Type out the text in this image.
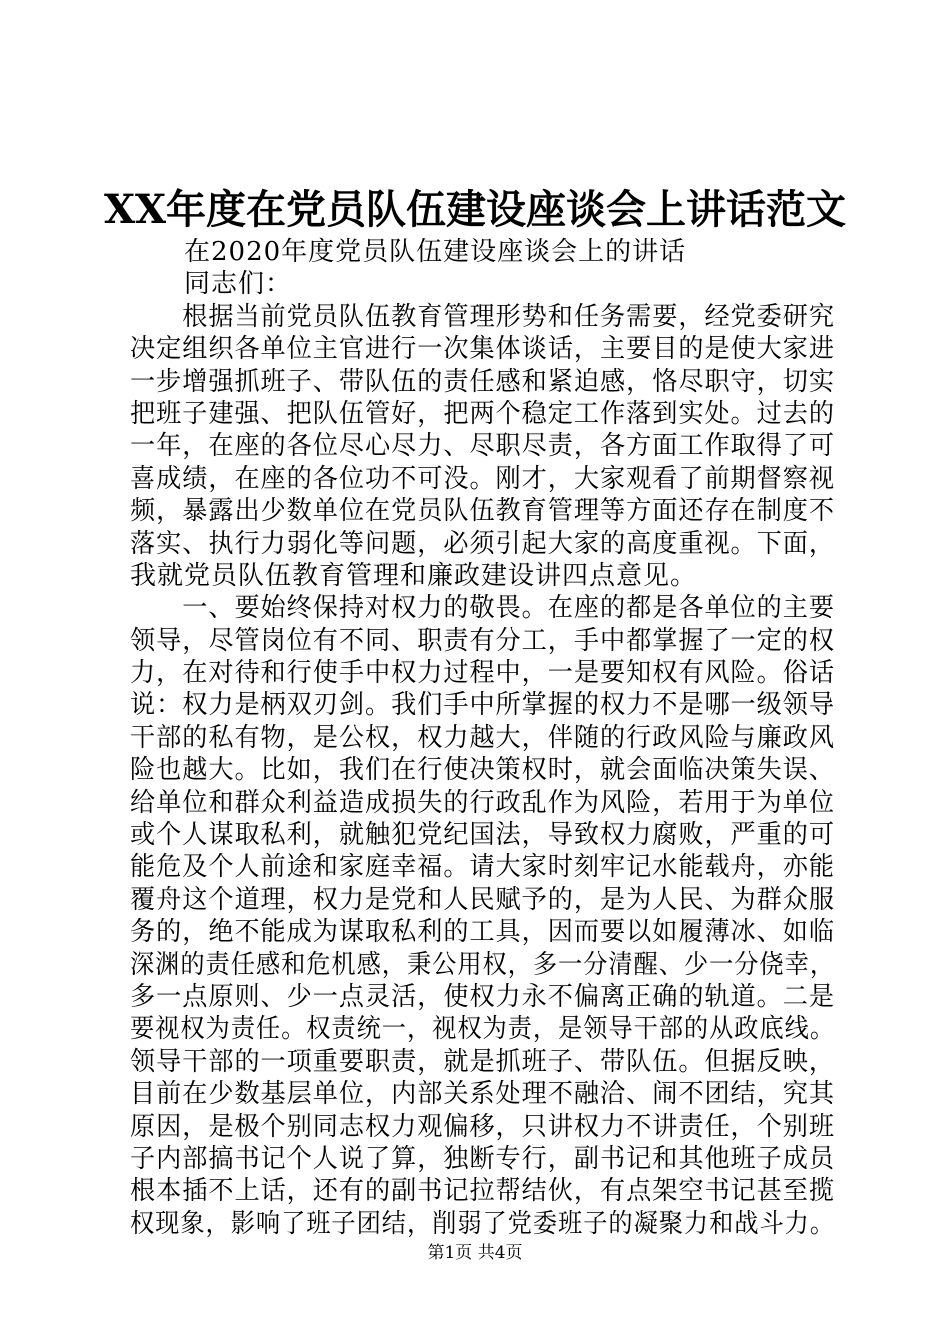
XX年度在党员队伍建设座谈会上讲话范文
　　在2020年度党员队伍建设座谈会上的讲话
　　同志们：
　　根据当前党员队伍教育管理形势和任务需要，经党委研究
决定组织各单位主官进行一次集体谈话，主要目的是使大家进
一步增强抓班子、带队伍的责任感和紧迫感，恪尽职守，切实
把班子建强、把队伍管好，把两个稳定工作落到实处。过去的
一年，在座的各位尽心尽力、尽职尽责，各方面工作取得了可
喜成绩，在座的各位功不可没。刚才，大家观看了前期督察视
频，暴露出少数单位在党员队伍教育管理等方面还存在制度不
落实、执行力弱化等问题，必须引起大家的高度重视。下面，
我就党员队伍教育管理和廉政建设讲四点意见。
　　一、要始终保持对权力的敬畏。在座的都是各单位的主要
领导，尽管岗位有不同、职责有分工，手中都掌握了一定的权
力，在对待和行使手中权力过程中，一是要知权有风险。俗话
说：权力是柄双刃剑。我们手中所掌握的权力不是哪一级领导
干部的私有物，是公权，权力越大，伴随的行政风险与廉政风
险也越大。比如，我们在行使决策权时，就会面临决策失误、
给单位和群众利益造成损失的行政乱作为风险，若用于为单位
或个人谋取私利，就触犯党纪国法，导致权力腐败，严重的可
能危及个人前途和家庭幸福。请大家时刻牢记水能载舟，亦能
覆舟这个道理，权力是党和人民赋予的，是为人民、为群众服
务的，绝不能成为谋取私利的工具，因而要以如履薄冰、如临
深渊的责任感和危机感，秉公用权，多一分清醒、少一分侥幸，
多一点原则、少一点灵活，使权力永不偏离正确的轨道。二是
要视权为责任。权责统一，视权为责，是领导干部的从政底线。
领导干部的一项重要职责，就是抓班子、带队伍。但据反映，
目前在少数基层单位，内部关系处理不融洽、闹不团结，究其
原因，是极个别同志权力观偏移，只讲权力不讲责任，个别班
子内部搞书记个人说了算，独断专行，副书记和其他班子成员
根本插不上话，还有的副书记拉帮结伙，有点架空书记甚至揽
权现象，影响了班子团结，削弱了党委班子的凝聚力和战斗力。
第1页 共4页
